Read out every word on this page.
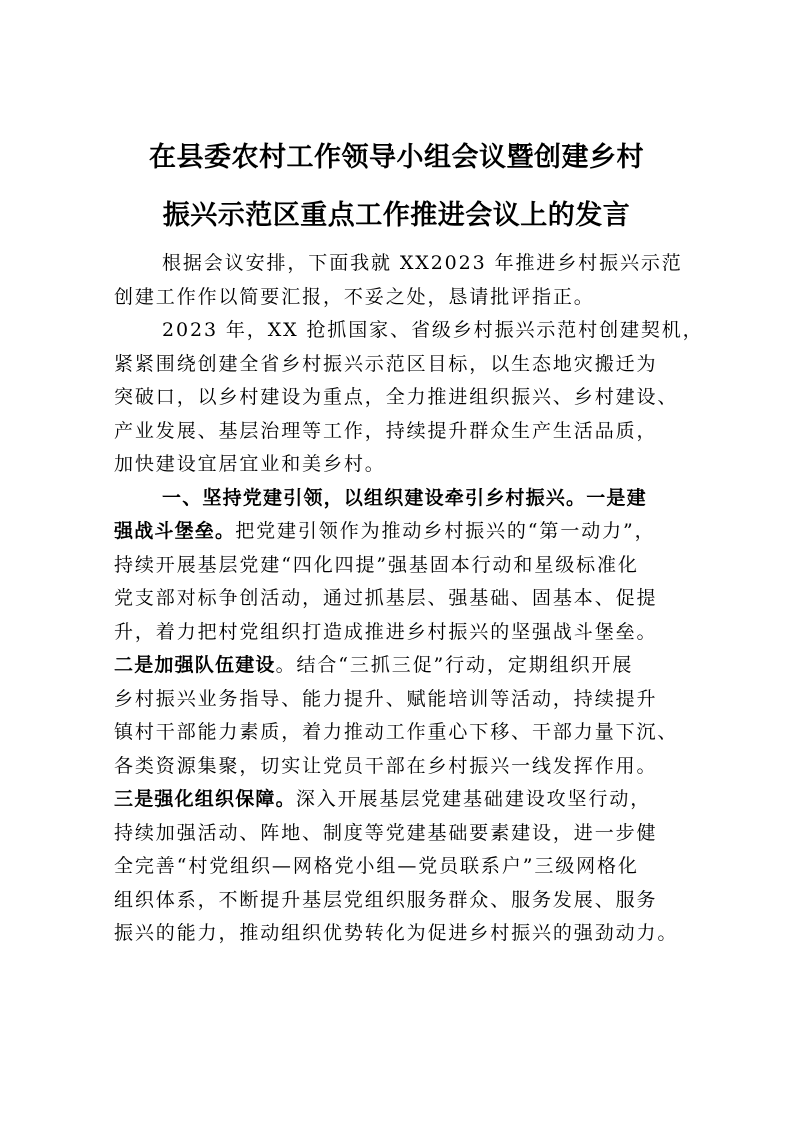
在县委农村工作领导小组会议暨创建乡村
振兴示范区重点工作推进会议上的发言
根据会议安排，下面我就 XX2023 年推进乡村振兴示范
创建工作作以简要汇报，不妥之处，恳请批评指正。
2023 年，XX 抢抓国家、省级乡村振兴示范村创建契机，
紧紧围绕创建全省乡村振兴示范区目标，以生态地灾搬迁为
突破口，以乡村建设为重点，全力推进组织振兴、乡村建设、
产业发展、基层治理等工作，持续提升群众生产生活品质，
加快建设宜居宜业和美乡村。
一、坚持党建引领，以组织建设牵引乡村振兴。一是建
强战斗堡垒。把党建引领作为推动乡村振兴的“第一动力”，
持续开展基层党建“四化四提”强基固本行动和星级标准化
党支部对标争创活动，通过抓基层、强基础、固基本、促提
升，着力把村党组织打造成推进乡村振兴的坚强战斗堡垒。
二是加强队伍建设。结合“三抓三促”行动，定期组织开展
乡村振兴业务指导、能力提升、赋能培训等活动，持续提升
镇村干部能力素质，着力推动工作重心下移、干部力量下沉、
各类资源集聚，切实让党员干部在乡村振兴一线发挥作用。
三是强化组织保障。深入开展基层党建基础建设攻坚行动，
持续加强活动、阵地、制度等党建基础要素建设，进一步健
全完善“村党组织—网格党小组—党员联系户”三级网格化
组织体系，不断提升基层党组织服务群众、服务发展、服务
振兴的能力，推动组织优势转化为促进乡村振兴的强劲动力。
